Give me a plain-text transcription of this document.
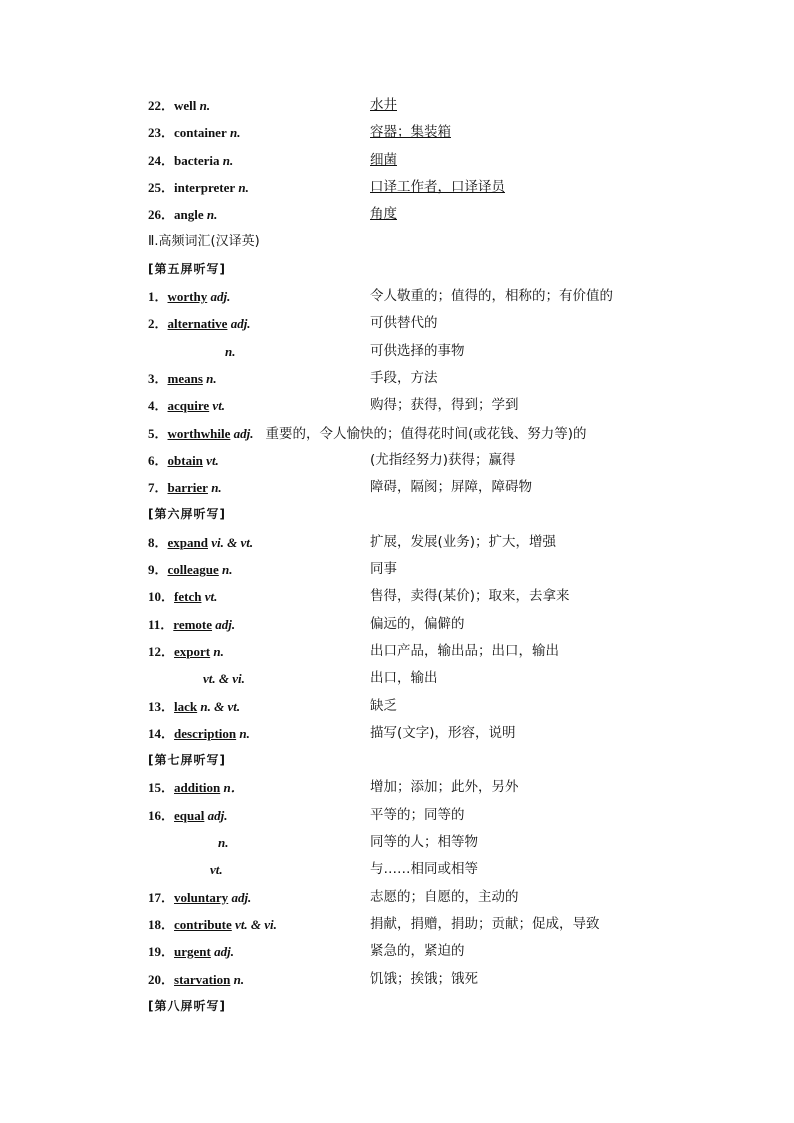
22．well n.	水井
23．container n.	容器；集装箱
24．bacteria n.	细菌
25．interpreter n.	口译工作者，口译译员
26．angle n.	角度
Ⅱ.高频词汇(汉译英)
[第五屏听写]
1．worthy adj.	令人敬重的；值得的，相称的；有价值的
2．alternative adj.	可供替代的
n.	可供选择的事物
3．means n.	手段，方法
4．acquire vt.	购得；获得，得到；学到
5．worthwhile adj. 重要的，令人愉快的；值得花时间(或花钱、努力等)的
6．obtain vt.	(尤指经努力)获得；赢得
7．barrier n.	障碍，隔阂；屏障，障碍物
[第六屏听写]
8．expand vi. & vt.	扩展，发展(业务)；扩大，增强
9．colleague n.	同事
10．fetch vt.	售得，卖得(某价)；取来，去拿来
11．remote adj.	偏远的，偏僻的
12．export n.	出口产品，输出品；出口，输出
vt. & vi.	出口，输出
13．lack n. & vt.	缺乏
14．description n.	描写(文字)，形容，说明
[第七屏听写]
15．addition n．	增加；添加；此外，另外
16．equal adj.	平等的；同等的
n.	同等的人；相等物
vt.	与……相同或相等
17．voluntary adj.	志愿的；自愿的，主动的
18．contribute vt. & vi.	捐献，捐赠，捐助；贡献；促成，导致
19．urgent adj.	紧急的，紧迫的
20．starvation n.	饥饿；挨饿；饿死
[第八屏听写]
